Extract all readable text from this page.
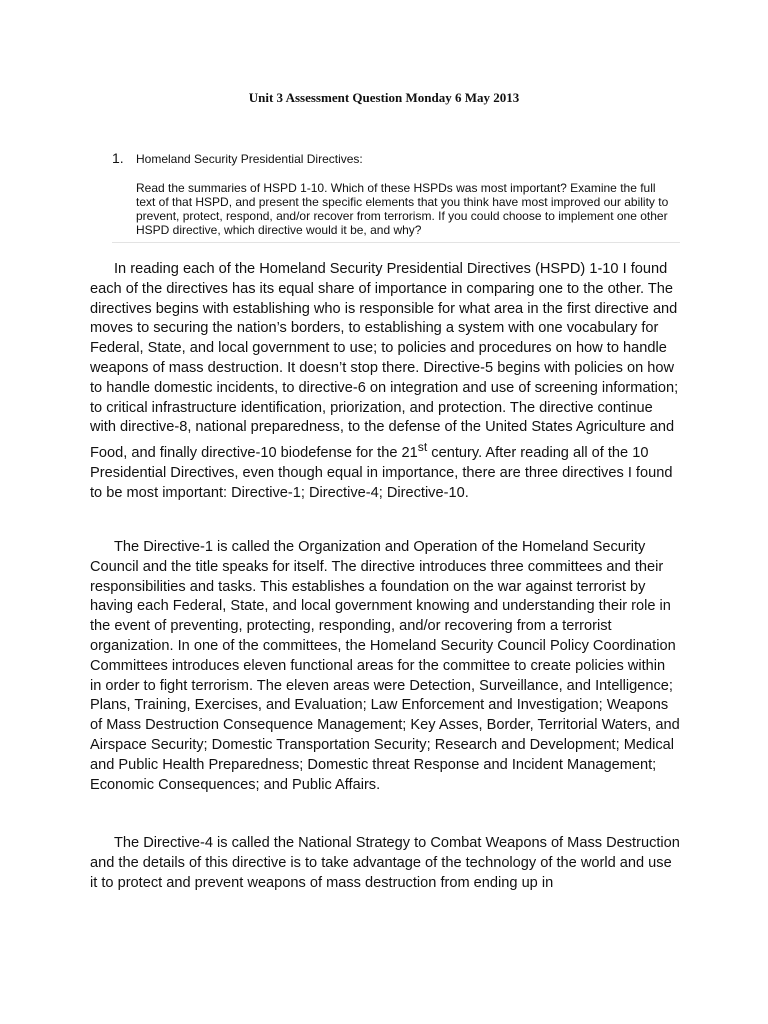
Unit 3 Assessment Question Monday 6 May 2013
1. Homeland Security Presidential Directives:
Read the summaries of HSPD 1-10. Which of these HSPDs was most important? Examine the full text of that HSPD, and present the specific elements that you think have most improved our ability to prevent, protect, respond, and/or recover from terrorism. If you could choose to implement one other HSPD directive, which directive would it be, and why?

In reading each of the Homeland Security Presidential Directives (HSPD) 1-10 I found each of the directives has its equal share of importance in comparing one to the other. The directives begins with establishing who is responsible for what area in the first directive and moves to securing the nation’s borders, to establishing a system with one vocabulary for Federal, State, and local government to use; to policies and procedures on how to handle weapons of mass destruction. It doesn’t stop there. Directive-5 begins with policies on how to handle domestic incidents, to directive-6 on integration and use of screening information; to critical infrastructure identification, priorization, and protection. The directive continue with directive-8, national preparedness, to the defense of the United States Agriculture and Food, and finally directive-10 biodefense for the 21st century. After reading all of the 10 Presidential Directives, even though equal in importance, there are three directives I found to be most important: Directive-1; Directive-4; Directive-10.

The Directive-1 is called the Organization and Operation of the Homeland Security Council and the title speaks for itself. The directive introduces three committees and their responsibilities and tasks. This establishes a foundation on the war against terrorist by having each Federal, State, and local government knowing and understanding their role in the event of preventing, protecting, responding, and/or recovering from a terrorist organization. In one of the committees, the Homeland Security Council Policy Coordination Committees introduces eleven functional areas for the committee to create policies within in order to fight terrorism. The eleven areas were Detection, Surveillance, and Intelligence; Plans, Training, Exercises, and Evaluation; Law Enforcement and Investigation; Weapons of Mass Destruction Consequence Management; Key Asses, Border, Territorial Waters, and Airspace Security; Domestic Transportation Security; Research and Development; Medical and Public Health Preparedness; Domestic threat Response and Incident Management; Economic Consequences; and Public Affairs.

The Directive-4 is called the National Strategy to Combat Weapons of Mass Destruction and the details of this directive is to take advantage of the technology of the world and use it to protect and prevent weapons of mass destruction from ending up in
